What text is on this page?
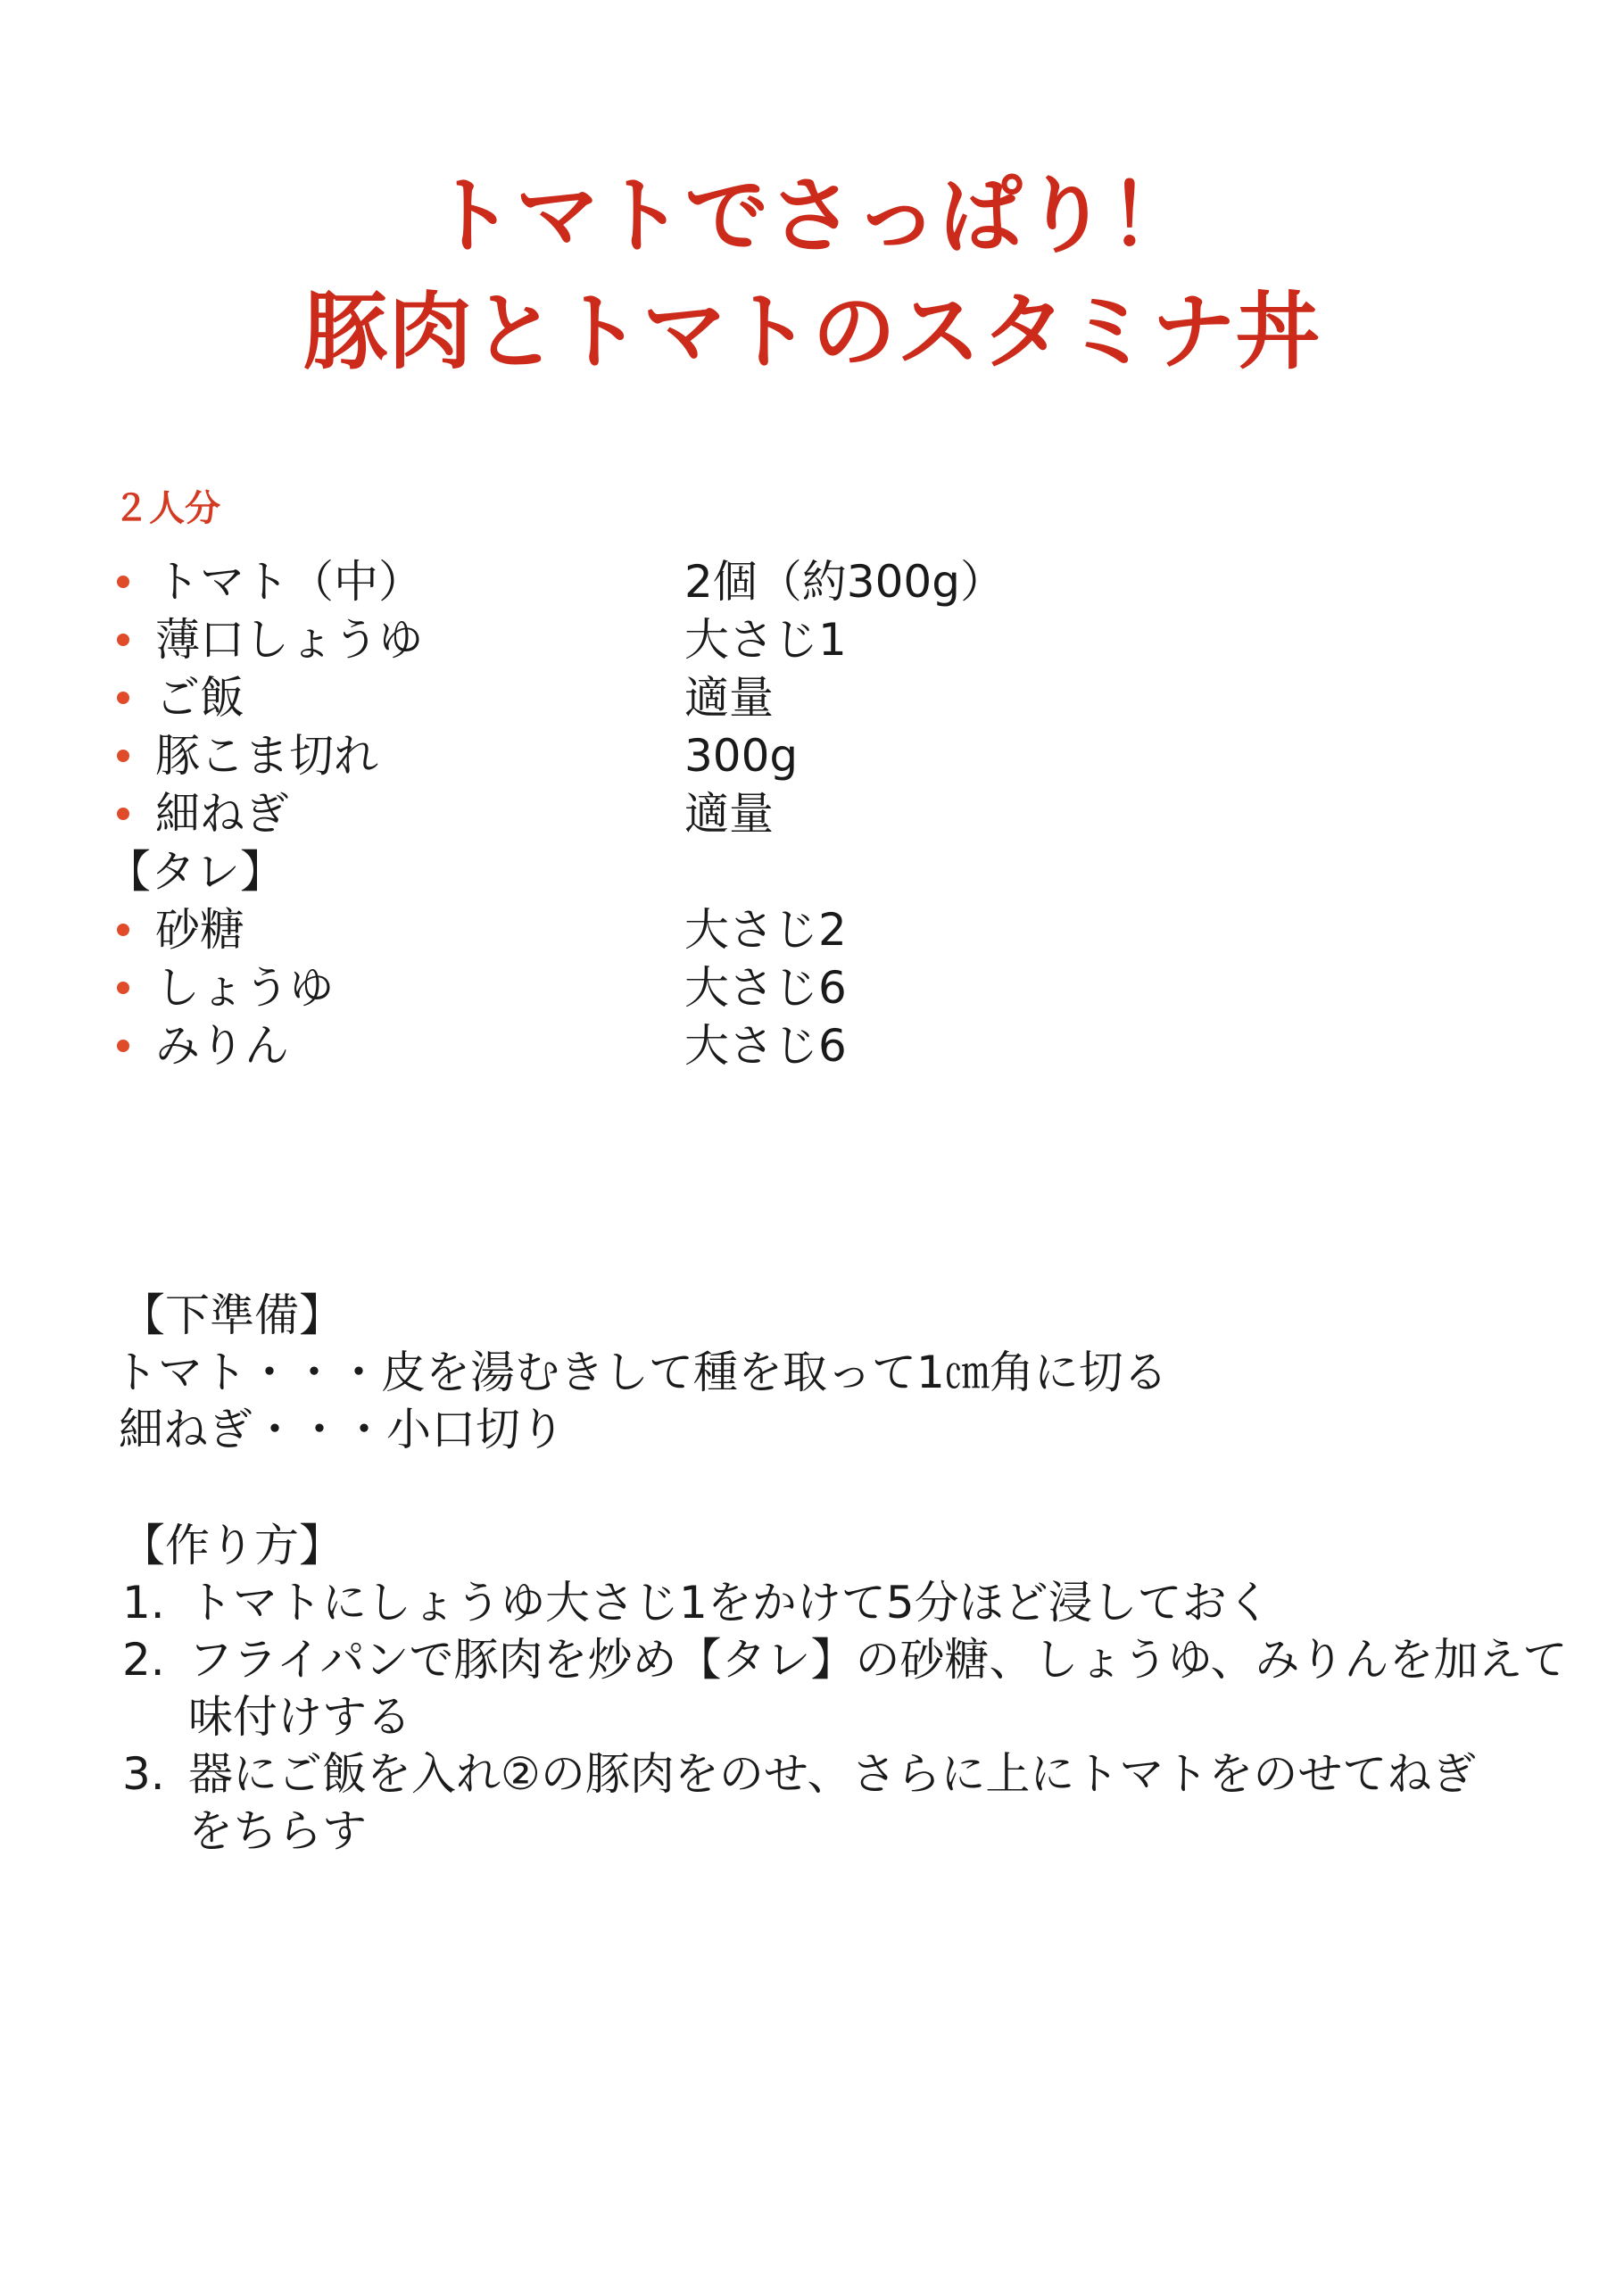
トマトでさっぱり！
豚肉とトマトのスタミナ丼
２人分
トマト（中）	2個（約300g）
薄口しょうゆ	大さじ1
ご飯	適量
豚こま切れ	300g
細ねぎ	適量
【タレ】
砂糖	大さじ2
しょうゆ	大さじ6
みりん	大さじ6
【下準備】
トマト・・・皮を湯むきして種を取って1㎝角に切る
細ねぎ・・・小口切り
【作り方】
1. トマトにしょうゆ大さじ1をかけて5分ほど浸しておく
2. フライパンで豚肉を炒め【タレ】の砂糖、しょうゆ、みりんを加えて
味付けする
3. 器にご飯を入れ②の豚肉をのせ、さらに上にトマトをのせてねぎ
をちらす
